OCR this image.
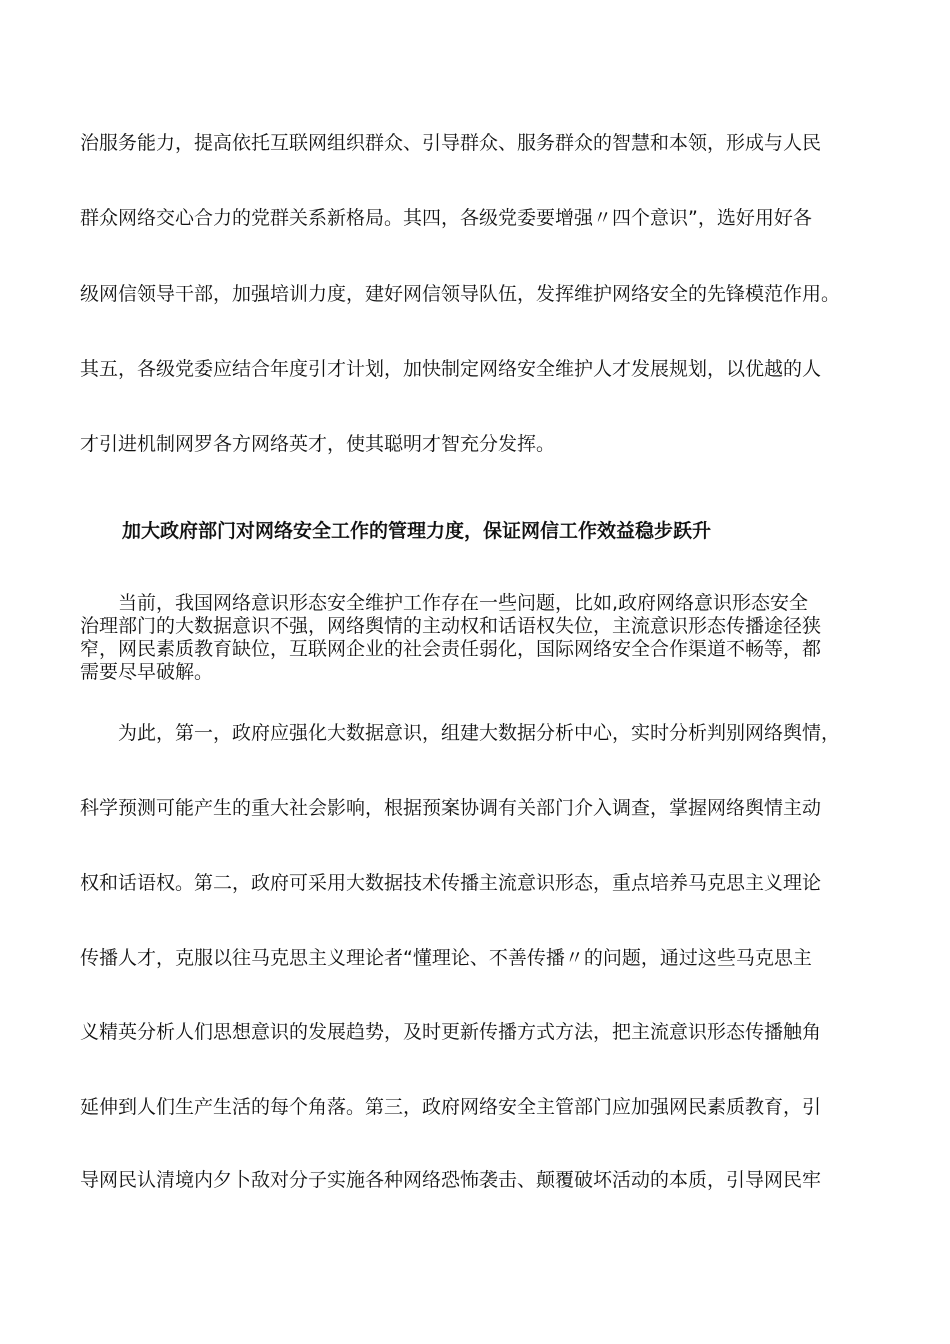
治服务能力，提高依托互联网组织群众、引导群众、服务群众的智慧和本领，形成与人民
群众网络交心合力的党群关系新格局。其四，各级党委要增强〃四个意识”，选好用好各
级网信领导干部，加强培训力度，建好网信领导队伍，发挥维护网络安全的先锋模范作用。
其五，各级党委应结合年度引才计划，加快制定网络安全维护人才发展规划，以优越的人
才引进机制网罗各方网络英才，使其聪明才智充分发挥。
加大政府部门对网络安全工作的管理力度，保证网信工作效益稳步跃升
　　当前，我国网络意识形态安全维护工作存在一些问题，比如,政府网络意识形态安全
治理部门的大数据意识不强，网络舆情的主动权和话语权失位，主流意识形态传播途径狭
窄，网民素质教育缺位，互联网企业的社会责任弱化，国际网络安全合作渠道不畅等，都
需要尽早破解。
　　为此，第一，政府应强化大数据意识，组建大数据分析中心，实时分析判别网络舆情，
科学预测可能产生的重大社会影响，根据预案协调有关部门介入调查，掌握网络舆情主动
权和话语权。第二，政府可采用大数据技术传播主流意识形态，重点培养马克思主义理论
传播人才，克服以往马克思主义理论者“懂理论、不善传播〃的问题，通过这些马克思主
义精英分析人们思想意识的发展趋势，及时更新传播方式方法，把主流意识形态传播触角
延伸到人们生产生活的每个角落。第三，政府网络安全主管部门应加强网民素质教育，引
导网民认清境内夕卜敌对分子实施各种网络恐怖袭击、颠覆破坏活动的本质，引导网民牢
